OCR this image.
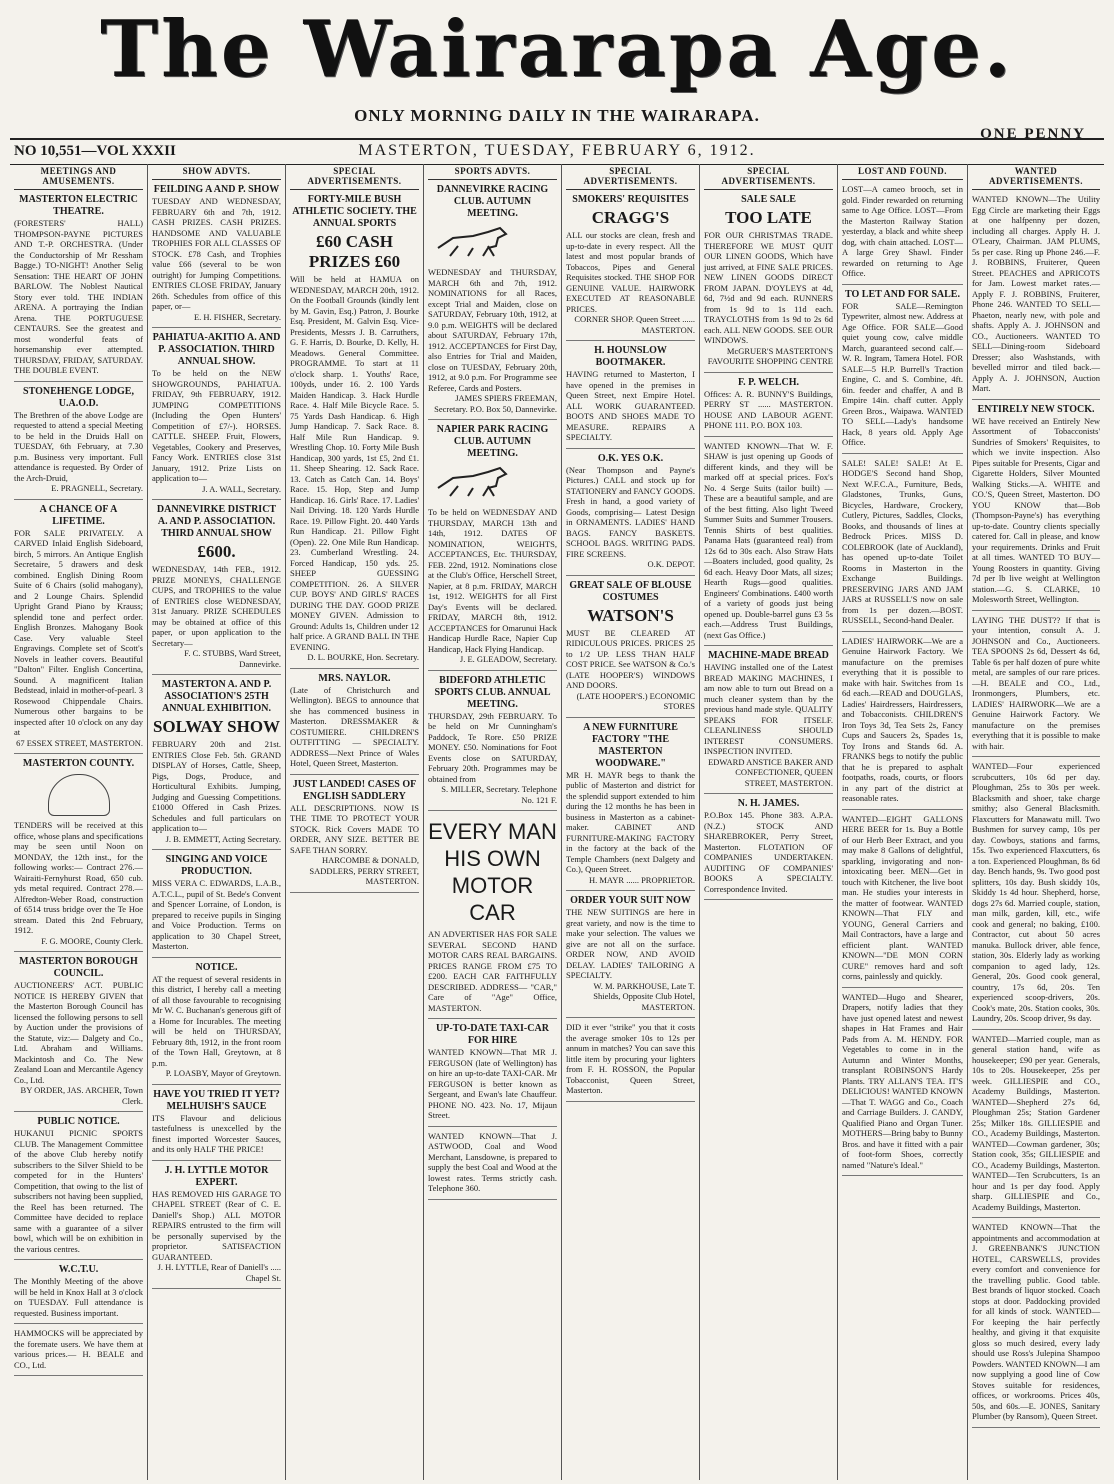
The Wairarapa Age.
ONLY MORNING DAILY IN THE WAIRARAPA.
ONE PENNY
NO 10,551—VOL XXXII	MASTERTON, TUESDAY, FEBRUARY 6, 1912.
MEETINGS AND AMUSEMENTS.
MASTERTON ELECTRIC THEATRE.
(FORESTERS' HALL) THOMPSON-PAYNE PICTURES AND T.-P. ORCHESTRA. (Under the Conductorship of Mr Ressham Bagge.) TO-NIGHT! Another Selig Sensation: THE HEART OF JOHN BARLOW. The Noblest Nautical Story ever told. THE INDIAN ARENA. A portraying the Indian Arena. THE PORTUGUESE CENTAURS. See the greatest and most wonderful feats of horsemanship ever attempted. THURSDAY, FRIDAY, SATURDAY. THE DOUBLE EVENT.
STONEHENGE LODGE, U.A.O.D.
The Brethren of the above Lodge are requested to attend a special Meeting to be held in the Druids Hall on TUESDAY, 6th February, at 7.30 p.m. Business very important. Full attendance is requested. By Order of the Arch-Druid,
E. PRAGNELL, Secretary.
A CHANCE OF A LIFETIME.
FOR SALE PRIVATELY. A CARVED Inlaid English Sideboard, birch, 5 mirrors. An Antique English Secretaire, 5 drawers and desk combined. English Dining Room Suite of 6 Chairs (solid mahogany), and 2 Lounge Chairs. Splendid Upright Grand Piano by Krauss; splendid tone and perfect order. English Bronzes. Mahogany Book Case. Very valuable Steel Engravings. Complete set of Scott's Novels in leather covers. Beautiful "Dalton" Filter. English Concertina, Sound. A magnificent Italian Bedstead, inlaid in mother-of-pearl. 3 Rosewood Chippendale Chairs. Numerous other bargains to be inspected after 10 o'clock on any day at
67 ESSEX STREET, MASTERTON.
MASTERTON COUNTY.
TENDERS will be received at this office, whose plans and specifications may be seen until Noon on MONDAY, the 12th inst., for the following works:— Contract 276.—Wairaiti-Fernyhurst Road, 650 cub. yds metal required. Contract 278.—Alfredton-Weber Road, construction of 6514 truss bridge over the Te Hoe stream. Dated this 2nd February, 1912.
F. G. MOORE, County Clerk.
MASTERTON BOROUGH COUNCIL.
AUCTIONEERS' ACT. PUBLIC NOTICE IS HEREBY GIVEN that the Masterton Borough Council has licensed the following persons to sell by Auction under the provisions of the Statute, viz:— Dalgety and Co., Ltd. Abraham and Williams. Mackintosh and Co. The New Zealand Loan and Mercantile Agency Co., Ltd.
BY ORDER, JAS. ARCHER, Town Clerk.
PUBLIC NOTICE.
HUKANUI PICNIC SPORTS CLUB. The Management Committee of the above Club hereby notify subscribers to the Silver Shield to be competed for in the Hunters' Competition, that owing to the list of subscribers not having been supplied, the Reel has been returned. The Committee have decided to replace same with a guarantee of a silver bowl, which will be on exhibition in the various centres.
W.C.T.U.
The Monthly Meeting of the above will be held in Knox Hall at 3 o'clock on TUESDAY. Full attendance is requested. Business important.
HAMMOCKS will be appreciated by the foremate users. We have them at various prices.— H. BEALE and CO., Ltd.
SHOW ADVTS.
FEILDING A AND P. SHOW
TUESDAY AND WEDNESDAY, FEBRUARY 6th and 7th, 1912. CASH PRIZES. CASH PRIZES. HANDSOME AND VALUABLE TROPHIES FOR ALL CLASSES OF STOCK. £78 Cash, and Trophies value £66 (several to be won outright) for Jumping Competitions. ENTRIES CLOSE FRIDAY, January 26th. Schedules from office of this paper, or—
E. H. FISHER, Secretary.
PAHIATUA-AKITIO A. AND P. ASSOCIATION. THIRD ANNUAL SHOW.
To be held on the NEW SHOWGROUNDS, PAHIATUA. FRIDAY, 9th FEBRUARY, 1912. JUMPING COMPETITIONS (Including the Open Hunters' Competition of £7/-). HORSES. CATTLE. SHEEP. Fruit, Flowers, Vegetables, Cookery and Preserves, Fancy Work. ENTRIES close 31st January, 1912. Prize Lists on application to—
J. A. WALL, Secretary.
DANNEVIRKE DISTRICT A. AND P. ASSOCIATION. THIRD ANNUAL SHOW
£600.
WEDNESDAY, 14th FEB., 1912. PRIZE MONEYS, CHALLENGE CUPS, and TROPHIES to the value of ENTRIES close WEDNESDAY, 31st January. PRIZE SCHEDULES may be obtained at office of this paper, or upon application to the Secretary—
F. C. STUBBS, Ward Street, Dannevirke.
MASTERTON A. AND P. ASSOCIATION'S 25TH ANNUAL EXHIBITION.
SOLWAY SHOW
FEBRUARY 20th and 21st. ENTRIES Close Feb. 5th. GRAND DISPLAY of Horses, Cattle, Sheep, Pigs, Dogs, Produce, and Horticultural Exhibits. Jumping, Judging and Guessing Competitions. £1000 Offered in Cash Prizes. Schedules and full particulars on application to—
J. B. EMMETT, Acting Secretary.
SINGING AND VOICE PRODUCTION.
MISS VERA C. EDWARDS, L.A.B., A.T.C.L., pupil of St. Bede's Convent and Spencer Lorraine, of London, is prepared to receive pupils in Singing and Voice Production. Terms on application to 30 Chapel Street, Masterton.
NOTICE.
AT the request of several residents in this district, I hereby call a meeting of all those favourable to recognising Mr W. C. Buchanan's generous gift of a Home for Incurables. The meeting will be held on THURSDAY, February 8th, 1912, in the front room of the Town Hall, Greytown, at 8 p.m.
P. LOASBY, Mayor of Greytown.
HAVE YOU TRIED IT YET? MELHUISH'S SAUCE
ITS Flavour and delicious tastefulness is unexcelled by the finest imported Worcester Sauces, and its only HALF THE PRICE!
J. H. LYTTLE MOTOR EXPERT.
HAS REMOVED HIS GARAGE TO CHAPEL STREET (Rear of C. E. Daniell's Shop.) ALL MOTOR REPAIRS entrusted to the firm will be personally supervised by the proprietor. SATISFACTION GUARANTEED.
J. H. LYTTLE, Rear of Daniell's ..... Chapel St.
SPECIAL ADVERTISEMENTS.
FORTY-MILE BUSH ATHLETIC SOCIETY. THE ANNUAL SPORTS
£60 CASH PRIZES £60
Will be held at HAMUA on WEDNESDAY, MARCH 20th, 1912. On the Football Grounds (kindly lent by M. Gavin, Esq.) Patron, J. Bourke Esq. President, M. Galvin Esq. Vice-Presidents, Messrs J. B. Carruthers, G. F. Harris, D. Bourke, D. Kelly, H. Meadows. General Committee. PROGRAMME. To start at 11 o'clock sharp. 1. Youths' Race, 100yds, under 16. 2. 100 Yards Maiden Handicap. 3. Hack Hurdle Race. 4. Half Mile Bicycle Race. 5. 75 Yards Dash Handicap. 6. High Jump Handicap. 7. Sack Race. 8. Half Mile Run Handicap. 9. Wrestling Chop. 10. Forty Mile Bush Handicap, 300 yards, 1st £5, 2nd £1. 11. Sheep Shearing. 12. Sack Race. 13. Catch as Catch Can. 14. Boys' Race. 15. Hop, Step and Jump Handicap. 16. Girls' Race. 17. Ladies' Nail Driving. 18. 120 Yards Hurdle Race. 19. Pillow Fight. 20. 440 Yards Run Handicap. 21. Pillow Fight (Open). 22. One Mile Run Handicap. 23. Cumberland Wrestling. 24. Forced Handicap, 150 yds. 25. SHEEP GUESSING COMPETITION. 26. A SILVER CUP. BOYS' AND GIRLS' RACES DURING THE DAY. GOOD PRIZE MONEY GIVEN. Admission to Ground: Adults 1s, Children under 12 half price. A GRAND BALL IN THE EVENING.
D. L. BOURKE, Hon. Secretary.
MRS. NAYLOR.
(Late of Christchurch and Wellington). BEGS to announce that she has commenced business in Masterton. DRESSMAKER & COSTUMIERE. CHILDREN'S OUTFITTING — SPECIALTY. ADDRESS—Next Prince of Wales Hotel, Queen Street, Masterton.
JUST LANDED! CASES OF ENGLISH SADDLERY
ALL DESCRIPTIONS. NOW IS THE TIME TO PROTECT YOUR STOCK. Rick Covers MADE TO ORDER, ANY SIZE. BETTER BE SAFE THAN SORRY.
HARCOMBE & DONALD, SADDLERS, PERRY STREET, MASTERTON.
SPORTS ADVTS.
DANNEVIRKE RACING CLUB. AUTUMN MEETING.
WEDNESDAY and THURSDAY, MARCH 6th and 7th, 1912. NOMINATIONS for all Races, except Trial and Maiden, close on SATURDAY, February 10th, 1912, at 9.0 p.m. WEIGHTS will be declared about SATURDAY, February 17th, 1912. ACCEPTANCES for First Day, also Entries for Trial and Maiden, close on TUESDAY, February 20th, 1912, at 9.0 p.m. For Programme see Referee, Cards and Posters.
JAMES SPIERS FREEMAN, Secretary. P.O. Box 50, Dannevirke.
NAPIER PARK RACING CLUB. AUTUMN MEETING.
To be held on WEDNESDAY AND THURSDAY, MARCH 13th and 14th, 1912. DATES OF NOMINATION, WEIGHTS, ACCEPTANCES, Etc. THURSDAY, FEB. 22nd, 1912. Nominations close at the Club's Office, Herschell Street, Napier, at 8 p.m. FRIDAY, MARCH 1st, 1912. WEIGHTS for all First Day's Events will be declared. FRIDAY, MARCH 8th, 1912. ACCEPTANCES for Omarunui Hack Handicap Hurdle Race, Napier Cup Handicap, Hack Flying Handicap.
J. E. GLEADOW, Secretary.
BIDEFORD ATHLETIC SPORTS CLUB. ANNUAL MEETING.
THURSDAY, 29th FEBRUARY. To be held on Mr Cunningham's Paddock, Te Rore. £50 PRIZE MONEY. £50. Nominations for Foot Events close on SATURDAY, February 20th. Programmes may be obtained from
S. MILLER, Secretary. Telephone No. 121 F.
EVERY MAN HIS OWN MOTOR CAR
AN ADVERTISER HAS FOR SALE SEVERAL SECOND HAND MOTOR CARS REAL BARGAINS. PRICES RANGE FROM £75 TO £200. EACH CAR FAITHFULLY DESCRIBED. ADDRESS— "CAR," Care of "Age" Office, MASTERTON.
UP-TO-DATE TAXI-CAR FOR HIRE
WANTED KNOWN—That MR J. FERGUSON (late of Wellington) has on hire an up-to-date TAXI-CAR. Mr FERGUSON is better known as Sergeant, and Ewan's late Chauffeur. PHONE NO. 423. No. 17, Mijaun Street.
WANTED KNOWN—That J. ASTWOOD, Coal and Wood Merchant, Lansdowne, is prepared to supply the best Coal and Wood at the lowest rates. Terms strictly cash. Telephone 360.
SPECIAL ADVERTISEMENTS.
SMOKERS' REQUISITES
CRAGG'S
ALL our stocks are clean, fresh and up-to-date in every respect. All the latest and most popular brands of Tobaccos, Pipes and General Requisites stocked. THE SHOP FOR GENUINE VALUE. HAIRWORK EXECUTED AT REASONABLE PRICES.
CORNER SHOP. Queen Street ...... MASTERTON.
H. HOUNSLOW BOOTMAKER.
HAVING returned to Masterton, I have opened in the premises in Queen Street, next Empire Hotel. ALL WORK GUARANTEED. BOOTS AND SHOES MADE TO MEASURE. REPAIRS A SPECIALTY.
O.K. YES O.K.
(Near Thompson and Payne's Pictures.) CALL and stock up for STATIONERY and FANCY GOODS. Fresh in hand, a good variety of Goods, comprising— Latest Design in ORNAMENTS. LADIES' HAND BAGS. FANCY BASKETS. SCHOOL BAGS. WRITING PADS. FIRE SCREENS.
O.K. DEPOT.
GREAT SALE OF BLOUSE COSTUMES
WATSON'S
MUST BE CLEARED AT RIDICULOUS PRICES. PRICES 25 to 1/2 UP. LESS THAN HALF COST PRICE. See WATSON & Co.'s (LATE HOOPER'S) WINDOWS AND DOORS.
(LATE HOOPER'S.) ECONOMIC STORES
A NEW FURNITURE FACTORY "THE MASTERTON WOODWARE."
MR H. MAYR begs to thank the public of Masterton and district for the splendid support extended to him during the 12 months he has been in business in Masterton as a cabinet-maker. CABINET AND FURNITURE-MAKING FACTORY in the factory at the back of the Temple Chambers (next Dalgety and Co.), Queen Street.
H. MAYR ...... PROPRIETOR.
ORDER YOUR SUIT NOW
THE NEW SUITINGS are here in great variety, and now is the time to make your selection. The values we give are not all on the surface. ORDER NOW, AND AVOID DELAY. LADIES' TAILORING A SPECIALTY.
W. M. PARKHOUSE, Late T. Shields, Opposite Club Hotel, MASTERTON.
DID it ever "strike" you that it costs the average smoker 10s to 12s per annum in matches? You can save this little item by procuring your lighters from F. H. ROSSON, the Popular Tobacconist, Queen Street, Masterton.
SPECIAL ADVERTISEMENTS.
SALE SALE
TOO LATE
FOR OUR CHRISTMAS TRADE. THEREFORE WE MUST QUIT OUR LINEN GOODS, Which have just arrived, at FINE SALE PRICES. NEW LINEN GOODS DIRECT FROM JAPAN. D'OYLEYS at 4d, 6d, 7½d and 9d each. RUNNERS from 1s 9d to 1s 11d each. TRAYCLOTHS from 1s 9d to 2s 6d each. ALL NEW GOODS. SEE OUR WINDOWS.
McGRUER'S MASTERTON'S FAVOURITE SHOPPING CENTRE
F. P. WELCH.
Offices: A. R. BUNNY'S Buildings, PERRY ST ...... MASTERTON. HOUSE AND LABOUR AGENT. PHONE 111. P.O. BOX 103.
WANTED KNOWN—That W. F. SHAW is just opening up Goods of different kinds, and they will be marked off at special prices. Fox's No. 4 Serge Suits (tailor built) —These are a beautiful sample, and are of the best fitting. Also light Tweed Summer Suits and Summer Trousers. Tennis Shirts of best qualities. Panama Hats (guaranteed real) from 12s 6d to 30s each. Also Straw Hats—Boaters included, good quality, 2s 6d each. Heavy Door Mats, all sizes; Hearth Rugs—good qualities. Engineers' Combinations. £400 worth of a variety of goods just being opened up. Double-barrel guns £3 5s each.—Address Trust Buildings, (next Gas Office.)
MACHINE-MADE BREAD
HAVING installed one of the Latest BREAD MAKING MACHINES, I am now able to turn out Bread on a much cleaner system than by the previous hand made style. QUALITY SPEAKS FOR ITSELF. CLEANLINESS SHOULD INTEREST CONSUMERS. INSPECTION INVITED.
EDWARD ANSTICE BAKER AND CONFECTIONER, QUEEN STREET, MASTERTON.
N. H. JAMES.
P.O.Box 145. Phone 383. A.P.A. (N.Z.) STOCK AND SHAREBROKER, Perry Street, Masterton. FLOTATION OF COMPANIES UNDERTAKEN. AUDITING OF COMPANIES' BOOKS A SPECIALTY. Correspondence Invited.
LOST AND FOUND.
LOST—A cameo brooch, set in gold. Finder rewarded on returning same to Age Office. LOST—From the Masterton Railway Station yesterday, a black and white sheep dog, with chain attached. LOST—A large Grey Shawl. Finder rewarded on returning to Age Office.
TO LET AND FOR SALE.
FOR SALE—Remington Typewriter, almost new. Address at Age Office. FOR SALE—Good quiet young cow, calve middle March, guaranteed second calf.—W. R. Ingram, Tamera Hotel. FOR SALE—5 H.P. Burrell's Traction Engine, C. and S. Combine, 4ft. 6in. feeder and chaffer, A and B Empire 14in. chaff cutter. Apply Green Bros., Waipawa. WANTED TO SELL—Lady's handsome Hack, 8 years old. Apply Age Office.
SALE! SALE! SALE! At E. HODGE'S Second hand Shop, Next W.F.C.A., Furniture, Beds, Gladstones, Trunks, Guns, Bicycles, Hardware, Crockery, Cutlery, Pictures, Saddles, Clocks, Books, and thousands of lines at Bedrock Prices. MISS D. COLEBROOK (late of Auckland), has opened up-to-date Toilet Rooms in Masterton in the Exchange Buildings. PRESERVING JARS AND JAM JARS at RUSSELL'S now on sale from 1s per dozen.—BOST. RUSSELL, Second-hand Dealer.
LADIES' HAIRWORK—We are a Genuine Hairwork Factory. We manufacture on the premises everything that it is possible to make with hair. Switches from 1s 6d each.—READ and DOUGLAS, Ladies' Hairdressers, Hairdressers, and Tobacconists. CHILDREN'S Iron Toys 3d, Tea Sets 2s, Fancy Cups and Saucers 2s, Spades 1s, Toy Irons and Stands 6d. A. FRANKS begs to notify the public that he is prepared to asphalt footpaths, roads, courts, or floors in any part of the district at reasonable rates.
WANTED—EIGHT GALLONS HERE BEER for 1s. Buy a Bottle of our Herb Beer Extract, and you may make 8 Gallons of delightful, sparkling, invigorating and non-intoxicating beer. MEN—Get in touch with Kitchener, the live boot man. He studies your interests in the matter of footwear. WANTED KNOWN—That FLY and YOUNG, General Carriers and Mail Contractors, have a large and efficient plant. WANTED KNOWN—"DE MON CORN CURE" removes hard and soft corns, painlessly and quickly.
WANTED—Hugo and Shearer, Drapers, notify ladies that they have just opened latest and newest shapes in Hat Frames and Hair Pads from A. M. HENDY. FOR Vegetables to come in in the Autumn and Winter Months, transplant ROBINSON'S Hardy Plants. TRY ALLAN'S TEA. IT'S DELICIOUS! WANTED KNOWN—That T. WAGG and Co., Coach and Carriage Builders. J. CANDY, Qualified Piano and Organ Tuner. MOTHERS—Bring baby to Bunny Bros. and have it fitted with a pair of foot-form Shoes, correctly named "Nature's Ideal."
WANTED ADVERTISEMENTS.
WANTED KNOWN—The Utility Egg Circle are marketing their Eggs at one halfpenny per dozen, including all charges. Apply H. J. O'Leary, Chairman. JAM PLUMS, 5s per case. Ring up Phone 246.—F. J. ROBBINS, Fruiterer, Queen Street. PEACHES and APRICOTS for Jam. Lowest market rates.—Apply F. J. ROBBINS, Fruiterer, Phone 246. WANTED TO SELL—Phaeton, nearly new, with pole and shafts. Apply A. J. JOHNSON and CO., Auctioneers. WANTED TO SELL—Dining-room Sideboard Dresser; also Washstands, with bevelled mirror and tiled back.—Apply A. J. JOHNSON, Auction Mart.
ENTIRELY NEW STOCK.
WE have received an Entirely New Assortment of Tobacconists' Sundries of Smokers' Requisites, to which we invite inspection. Also Pipes suitable for Presents, Cigar and Cigarette Holders, Silver Mounted Walking Sticks.—A. WHITE and CO.'S, Queen Street, Masterton. DO YOU KNOW that—Bob (Thompson-Payne's) has everything up-to-date. Country clients specially catered for. Call in please, and know your requirements. Drinks and Fruit at all times. WANTED TO BUY—Young Roosters in quantity. Giving 7d per lb live weight at Wellington station.—G. S. CLARKE, 10 Molesworth Street, Wellington.
LAYING THE DUST?? If that is your intention, consult A. J. JOHNSON and Co., Auctioneers. TEA SPOONS 2s 6d, Dessert 4s 6d, Table 6s per half dozen of pure white metal, are samples of our rare prices.—H. BEALE and CO., Ltd., Ironmongers, Plumbers, etc. LADIES' HAIRWORK—We are a Genuine Hairwork Factory. We manufacture on the premises everything that it is possible to make with hair.
WANTED—Four experienced scrubcutters, 10s 6d per day. Ploughman, 25s to 30s per week. Blacksmith and shoer, take charge smithy; also General Blacksmith. Flaxcutters for Manawatu mill. Two Bushmen for survey camp, 10s per day. Cowboys, stations and farms, 15s. Two experienced Flaxcutters, 6s a ton. Experienced Ploughman, 8s 6d day. Bench hands, 9s. Two good post splitters, 10s day. Bush skiddy 10s, Skiddy 1s 4d hour. Shepherd, horse, dogs 27s 6d. Married couple, station, man milk, garden, kill, etc., wife cook and general; no baking, £100. Contractor, cut about 50 acres manuka. Bullock driver, able fence, station, 30s. Elderly lady as working companion to aged lady, 12s. General, 20s. Good cook general, country, 17s 6d, 20s. Ten experienced scoop-drivers, 20s. Cook's mate, 20s. Station cooks, 30s. Laundry, 20s. Scoop driver, 9s day.
WANTED—Married couple, man as general station hand, wife as housekeeper; £90 per year. Generals, 10s to 20s. Housekeeper, 25s per week. GILLIESPIE and CO., Academy Buildings, Masterton. WANTED—Shepherd 27s 6d, Ploughman 25s; Station Gardener 25s; Milker 18s. GILLIESPIE and CO., Academy Buildings, Masterton. WANTED—Cowman gardener, 30s; Station cook, 35s; GILLIESPIE and CO., Academy Buildings, Masterton. WANTED—Ten Scrubcutters, 1s an hour and 1s per day food. Apply sharp. GILLIESPIE and Co., Academy Buildings, Masterton.
WANTED KNOWN—That the appointments and accommodation at J. GREENBANK'S JUNCTION HOTEL, CARSWELLS, provides every comfort and convenience for the travelling public. Good table. Best brands of liquor stocked. Coach stops at door. Paddocking provided for all kinds of stock. WANTED—For keeping the hair perfectly healthy, and giving it that exquisite gloss so much desired, every lady should use Ross's Julepina Shampoo Powders. WANTED KNOWN—I am now supplying a good line of Cow Stoves suitable for residences, offices, or workrooms. Prices 40s, 50s, and 60s.—E. JONES, Sanitary Plumber (by Ransom), Queen Street.
